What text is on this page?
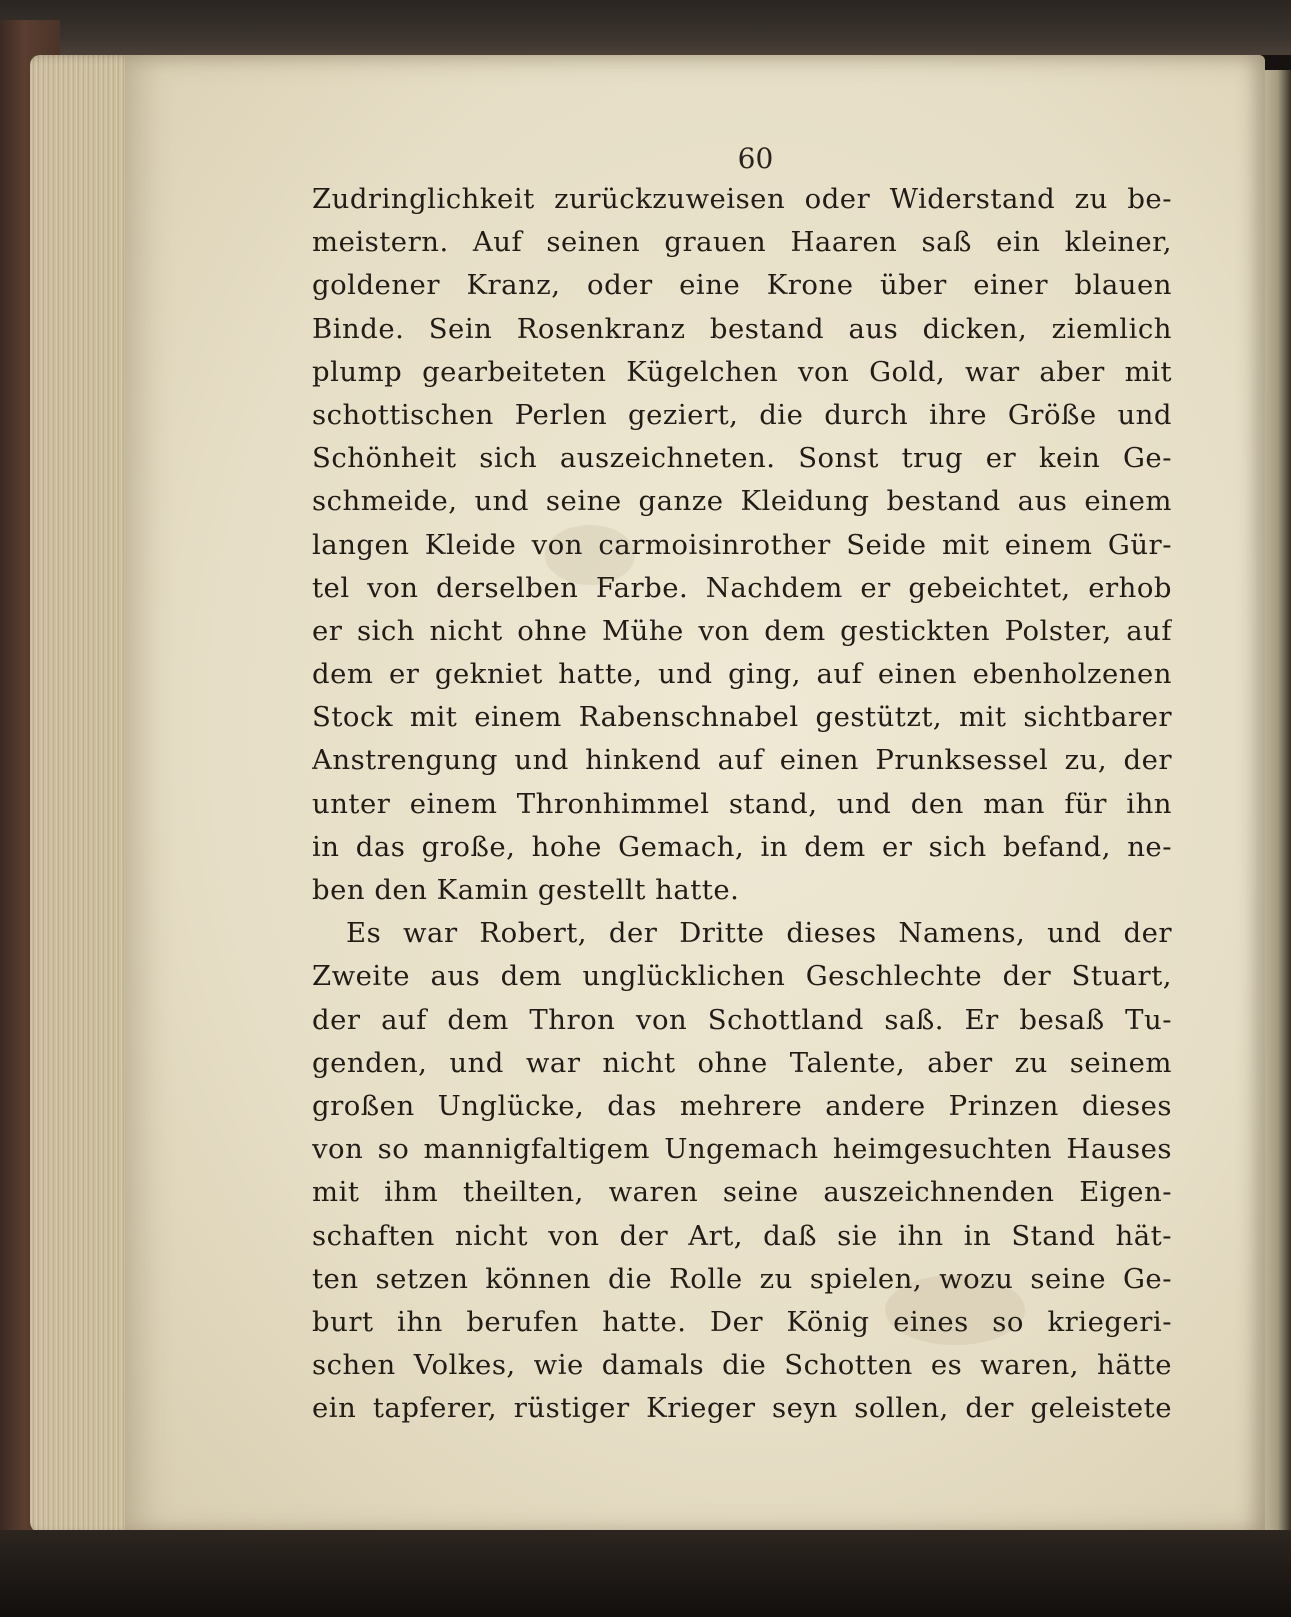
60
Zudringlichkeit zurückzuweisen oder Widerstand zu be-
meistern. Auf seinen grauen Haaren saß ein kleiner,
goldener Kranz, oder eine Krone über einer blauen
Binde. Sein Rosenkranz bestand aus dicken, ziemlich
plump gearbeiteten Kügelchen von Gold, war aber mit
schottischen Perlen geziert, die durch ihre Größe und
Schönheit sich auszeichneten. Sonst trug er kein Ge-
schmeide, und seine ganze Kleidung bestand aus einem
langen Kleide von carmoisinrother Seide mit einem Gür-
tel von derselben Farbe. Nachdem er gebeichtet, erhob
er sich nicht ohne Mühe von dem gestickten Polster, auf
dem er gekniet hatte, und ging, auf einen ebenholzenen
Stock mit einem Rabenschnabel gestützt, mit sichtbarer
Anstrengung und hinkend auf einen Prunksessel zu, der
unter einem Thronhimmel stand, und den man für ihn
in das große, hohe Gemach, in dem er sich befand, ne-
ben den Kamin gestellt hatte.
Es war Robert, der Dritte dieses Namens, und der
Zweite aus dem unglücklichen Geschlechte der Stuart,
der auf dem Thron von Schottland saß. Er besaß Tu-
genden, und war nicht ohne Talente, aber zu seinem
großen Unglücke, das mehrere andere Prinzen dieses
von so mannigfaltigem Ungemach heimgesuchten Hauses
mit ihm theilten, waren seine auszeichnenden Eigen-
schaften nicht von der Art, daß sie ihn in Stand hät-
ten setzen können die Rolle zu spielen, wozu seine Ge-
burt ihn berufen hatte. Der König eines so kriegeri-
schen Volkes, wie damals die Schotten es waren, hätte
ein tapferer, rüstiger Krieger seyn sollen, der geleistete
